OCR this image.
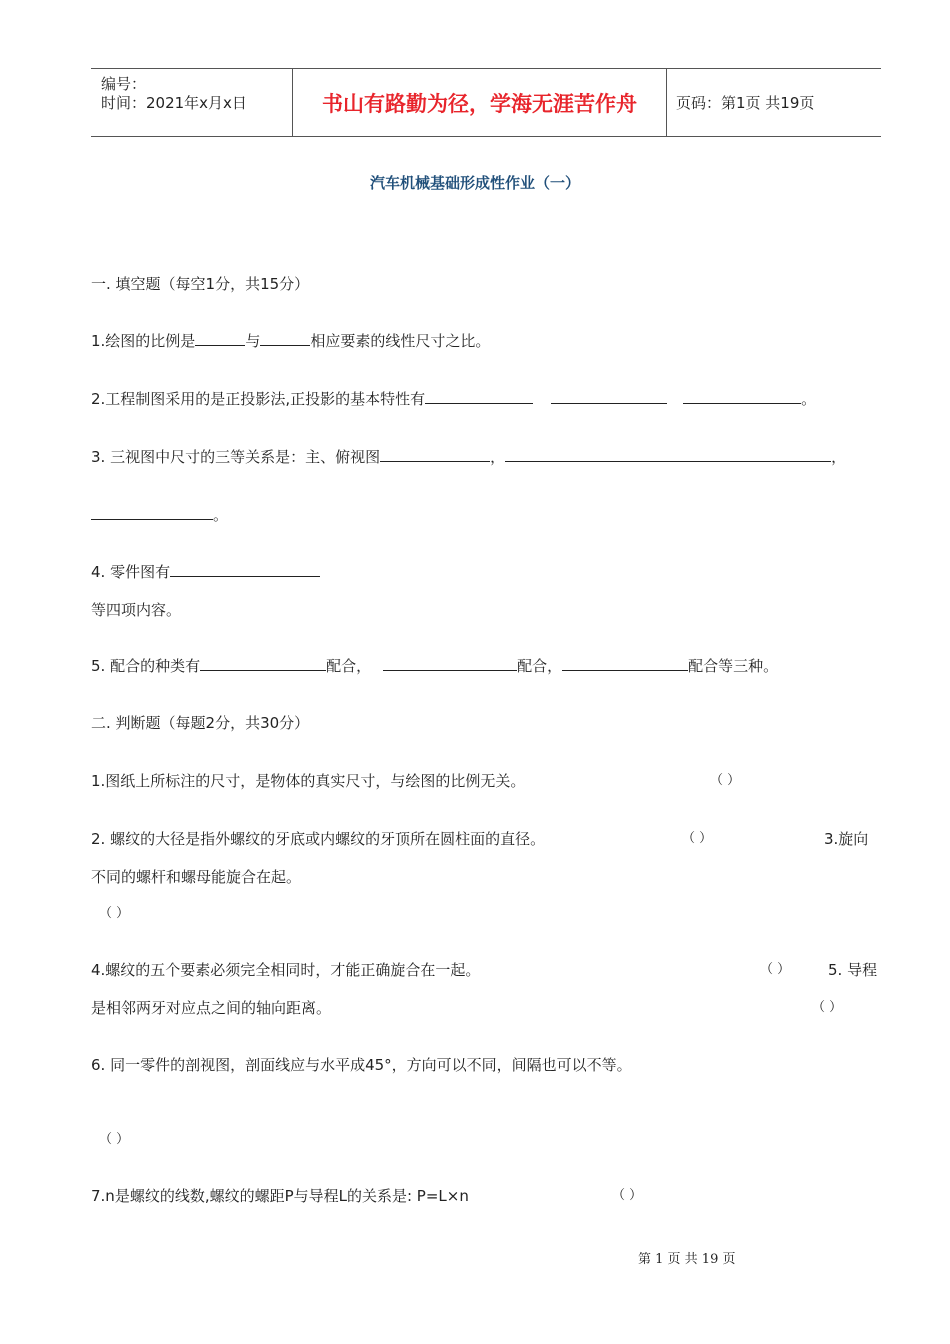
编号：
时间：2021年x月x日	书山有路勤为径，学海无涯苦作舟	页码：第1页 共19页
汽车机械基础形成性作业（一）
一. 填空题（每空1分，共15分）
1.绘图的比例是	与	相应要素的线性尺寸之比。
2.工程制图采用的是正投影法,正投影的基本特性有	。
3. 三视图中尺寸的三等关系是：主、俯视图	，	，
。
4. 零件图有
等四项内容。
5. 配合的种类有	配合，	配合，	配合等三种。
二. 判断题（每题2分，共30分）
1.图纸上所标注的尺寸，是物体的真实尺寸，与绘图的比例无关。	（ ）
2. 螺纹的大径是指外螺纹的牙底或内螺纹的牙顶所在圆柱面的直径。	（ ）	3.旋向
不同的螺杆和螺母能旋合在起。
（ ）
4.螺纹的五个要素必须完全相同时，才能正确旋合在一起。	（ ）	5. 导程
是相邻两牙对应点之间的轴向距离。	（ ）
6. 同一零件的剖视图，剖面线应与水平成45°，方向可以不同，间隔也可以不等。
（ ）
7.n是螺纹的线数,螺纹的螺距P与导程L的关系是: P=L×n	（ ）
第 1 页 共 19 页
